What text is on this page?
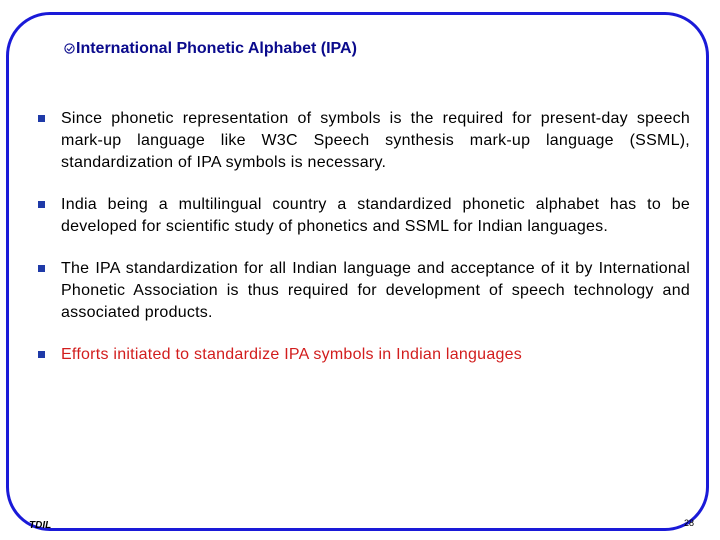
International Phonetic Alphabet (IPA)
Since phonetic representation of symbols is the required for present-day speech mark-up language like W3C Speech synthesis mark-up language (SSML), standardization of IPA symbols is necessary.
India being a multilingual country a standardized phonetic alphabet has to be developed for scientific study of phonetics and SSML for Indian languages.
The IPA standardization for all Indian language and acceptance of it by International Phonetic Association is thus required for development of speech technology and associated products.
Efforts initiated to standardize IPA symbols in Indian languages
TDIL	28
